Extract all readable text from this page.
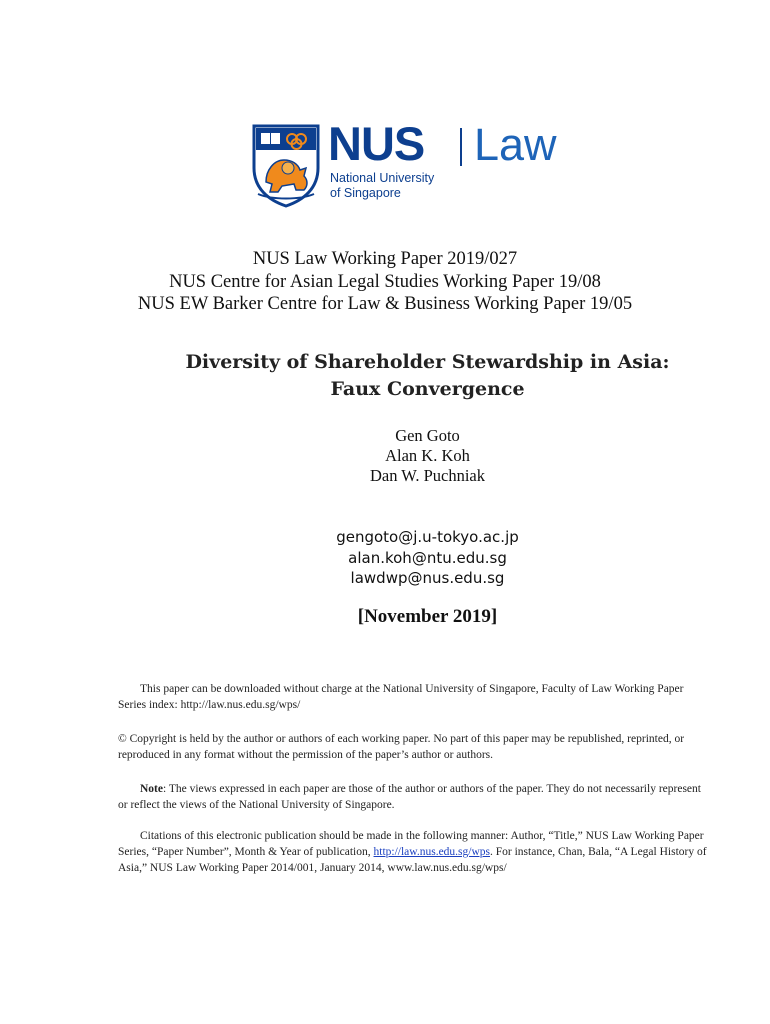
NUS Law
National University
of Singapore
NUS Law Working Paper 2019/027
NUS Centre for Asian Legal Studies Working Paper 19/08
NUS EW Barker Centre for Law & Business Working Paper 19/05
Diversity of Shareholder Stewardship in Asia:
Faux Convergence
Gen Goto
Alan K. Koh
Dan W. Puchniak
gengoto@j.u-tokyo.ac.jp
alan.koh@ntu.edu.sg
lawdwp@nus.edu.sg
[November 2019]
This paper can be downloaded without charge at the National University of Singapore, Faculty of Law Working Paper Series index: http://law.nus.edu.sg/wps/
© Copyright is held by the author or authors of each working paper. No part of this paper may be republished, reprinted, or reproduced in any format without the permission of the paper’s author or authors.
Note: The views expressed in each paper are those of the author or authors of the paper. They do not necessarily represent or reflect the views of the National University of Singapore.
Citations of this electronic publication should be made in the following manner: Author, “Title,” NUS Law Working Paper Series, “Paper Number”, Month & Year of publication, http://law.nus.edu.sg/wps. For instance, Chan, Bala, “A Legal History of Asia,” NUS Law Working Paper 2014/001, January 2014, www.law.nus.edu.sg/wps/
